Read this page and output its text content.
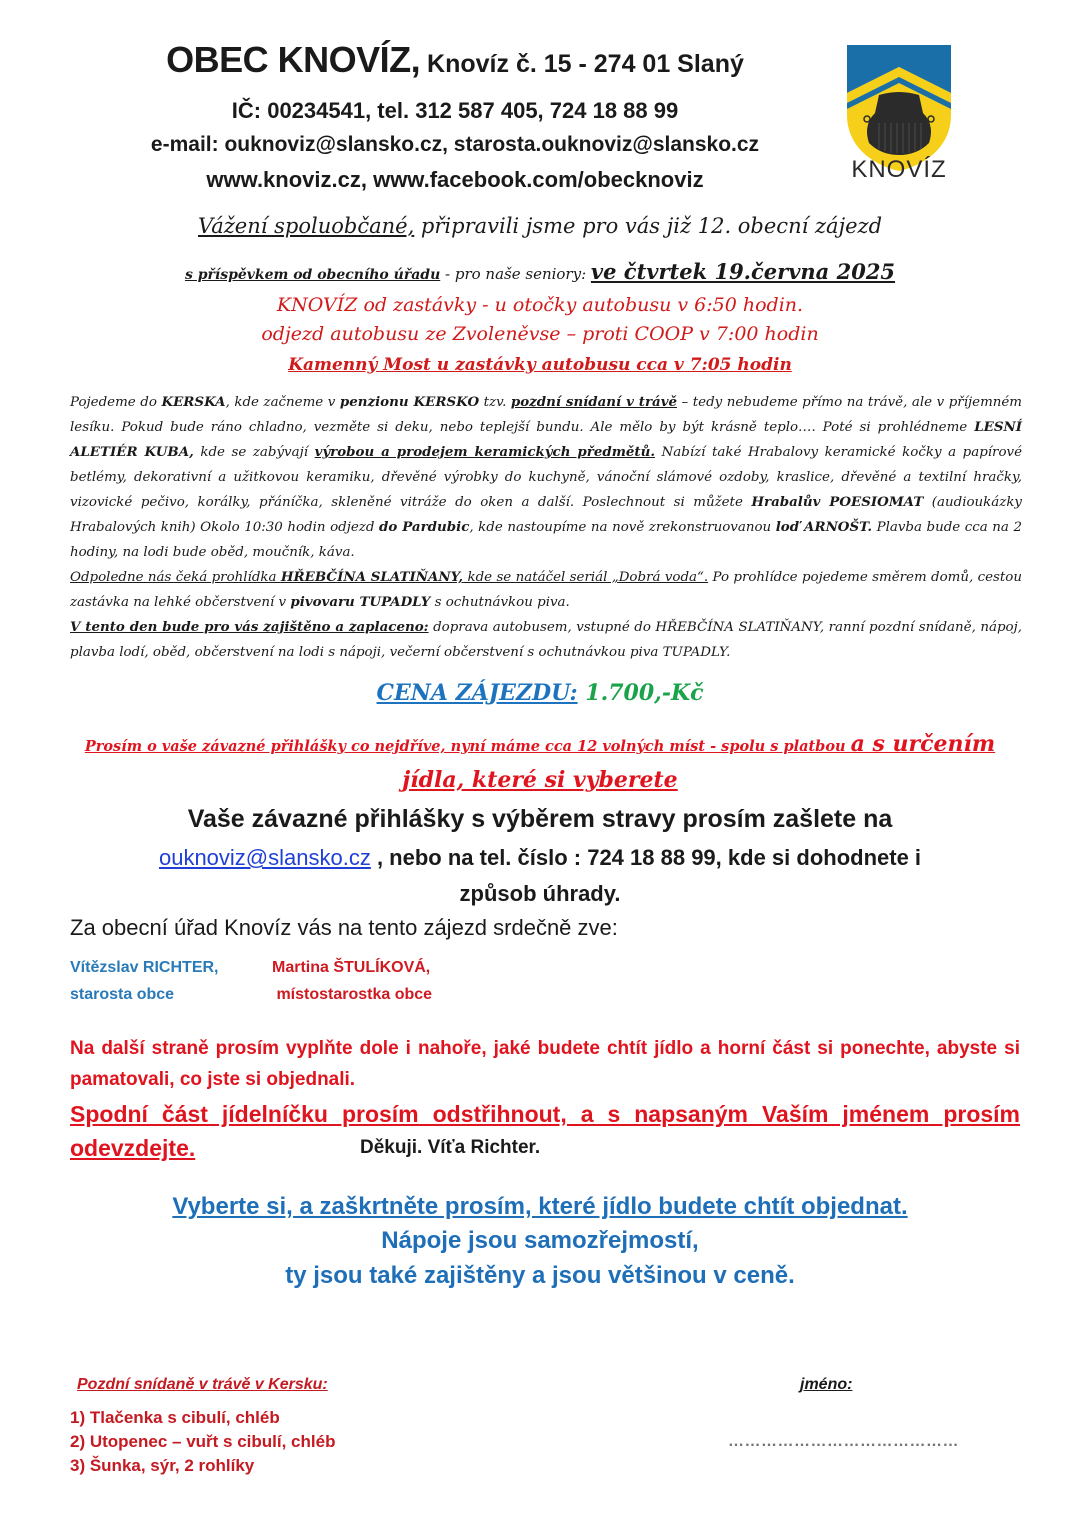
OBEC KNOVÍZ, Knovíz č. 15 - 274 01 Slaný
IČ: 00234541, tel. 312 587 405, 724 18 88 99
e-mail: ouknoviz@slansko.cz, starosta.ouknoviz@slansko.cz
www.knoviz.cz, www.facebook.com/obecknoviz	KNOVÍZ
Vážení spoluobčané, připravili jsme pro vás již 12. obecní zájezd
s příspěvkem od obecního úřadu - pro naše seniory: ve čtvrtek 19.června 2025
KNOVÍZ od zastávky - u otočky autobusu v 6:50 hodin.
odjezd autobusu ze Zvoleněvse – proti COOP v 7:00 hodin
Kamenný Most u zastávky autobusu cca v 7:05 hodin

Pojedeme do KERSKA, kde začneme v penzionu KERSKO tzv. pozdní snídaní v trávě – tedy nebudeme přímo na trávě, ale v příjemném lesíku. Pokud bude ráno chladno, vezměte si deku, nebo teplejší bundu. Ale mělo by být krásně teplo…. Poté si prohlédneme LESNÍ ALETIÉR KUBA, kde se zabývají výrobou a prodejem keramických předmětů. Nabízí také Hrabalovy keramické kočky a papírové betlémy, dekorativní a užitkovou keramiku, dřevěné výrobky do kuchyně, vánoční slámové ozdoby, kraslice, dřevěné a textilní hračky, vizovické pečivo, korálky, přáníčka, skleněné vitráže do oken a další. Poslechnout si můžete Hrabalův POESIOMAT (audioukázky Hrabalových knih) Okolo 10:30 hodin odjezd do Pardubic, kde nastoupíme na nově zrekonstruovanou loď ARNOŠT. Plavba bude cca na 2 hodiny, na lodi bude oběd, moučník, káva.

Odpoledne nás čeká prohlídka HŘEBČÍNA SLATIŇANY, kde se natáčel seriál „Dobrá voda“. Po prohlídce pojedeme směrem domů, cestou zastávka na lehké občerstvení v pivovaru TUPADLY s ochutnávkou piva.

V tento den bude pro vás zajištěno a zaplaceno: doprava autobusem, vstupné do HŘEBČÍNA SLATIŇANY, ranní pozdní snídaně, nápoj, plavba lodí, oběd, občerstvení na lodi s nápoji, večerní občerstvení s ochutnávkou piva TUPADLY.

CENA ZÁJEZDU: 1.700,-Kč
Prosím o vaše závazné přihlášky co nejdříve, nyní máme cca 12 volných míst - spolu s platbou a s určením
jídla, které si vyberete
Vaše závazné přihlášky s výběrem stravy prosím zašlete na
ouknoviz@slansko.cz , nebo na tel. číslo : 724 18 88 99, kde si dohodnete i
způsob úhrady.
Za obecní úřad Knovíz vás na tento zájezd srdečně zve:
Vítězslav RICHTER,
starosta obce
Martina ŠTULÍKOVÁ,
místostarostka obce
Na další straně prosím vyplňte dole i nahoře, jaké budete chtít jídlo a horní část si ponechte, abyste si pamatovali, co jste si objednali.
Spodní část jídelníčku prosím odstřihnout, a s napsaným Vaším jménem prosím odevzdejte.	Děkuji. Víťa Richter.
Vyberte si, a zaškrtněte prosím, které jídlo budete chtít objednat.
Nápoje jsou samozřejmostí,
ty jsou také zajištěny a jsou většinou v ceně.
Pozdní snídaně v trávě v Kersku:	jméno:
1) Tlačenka s cibulí, chléb
2) Utopenec – vuřt s cibulí, chléb
3) Šunka, sýr, 2 rohlíky
……………………………………
